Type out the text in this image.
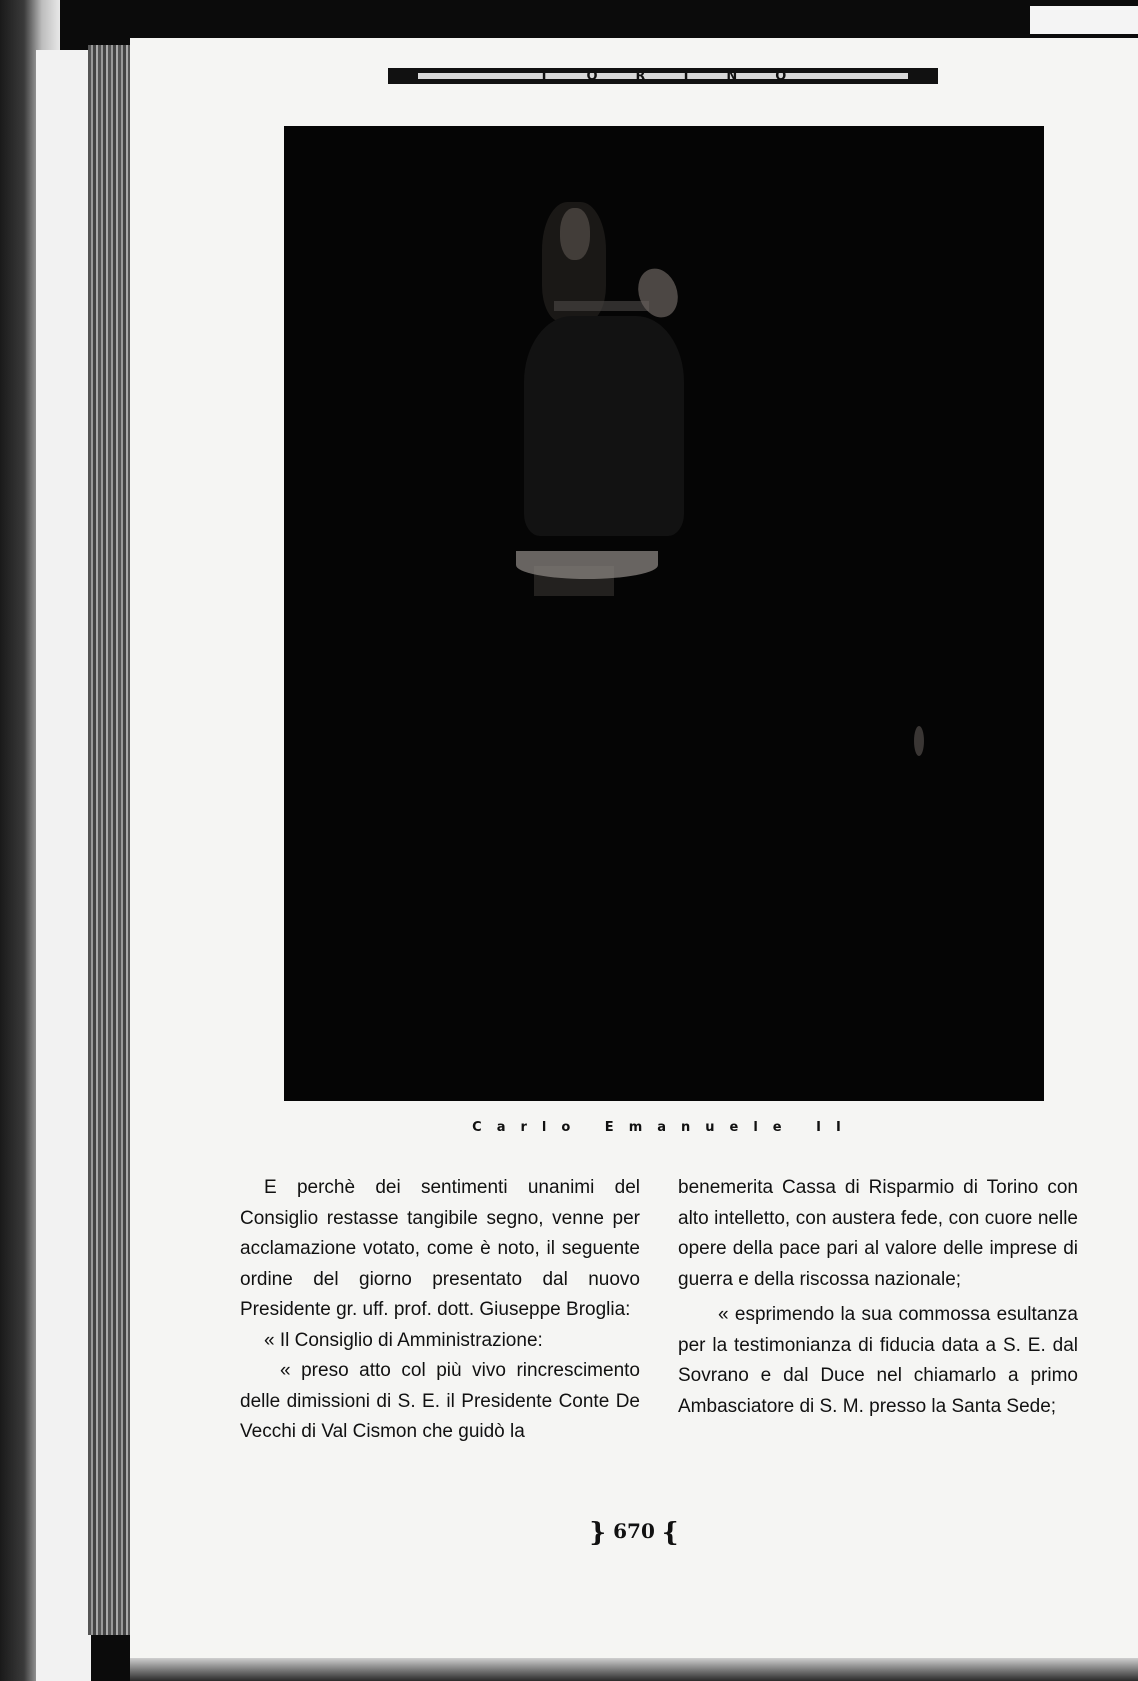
TORINO
Carlo Emanuele II

E perchè dei sentimenti unanimi del Consiglio restasse tangibile segno, venne per acclamazione votato, come è noto, il seguente ordine del giorno presentato dal nuovo Presidente gr. uff. prof. dott. Giuseppe Broglia:

« Il Consiglio di Amministrazione:

« preso atto col più vivo rincrescimento delle dimissioni di S. E. il Presidente Conte De Vecchi di Val Cismon che guidò la

benemerita Cassa di Risparmio di Torino con alto intelletto, con austera fede, con cuore nelle opere della pace pari al valore delle imprese di guerra e della riscossa nazionale;

« esprimendo la sua commossa esultanza per la testimonianza di fiducia data a S. E. dal Sovrano e dal Duce nel chiamarlo a primo Ambasciatore di S. M. presso la Santa Sede;

} 670 {
